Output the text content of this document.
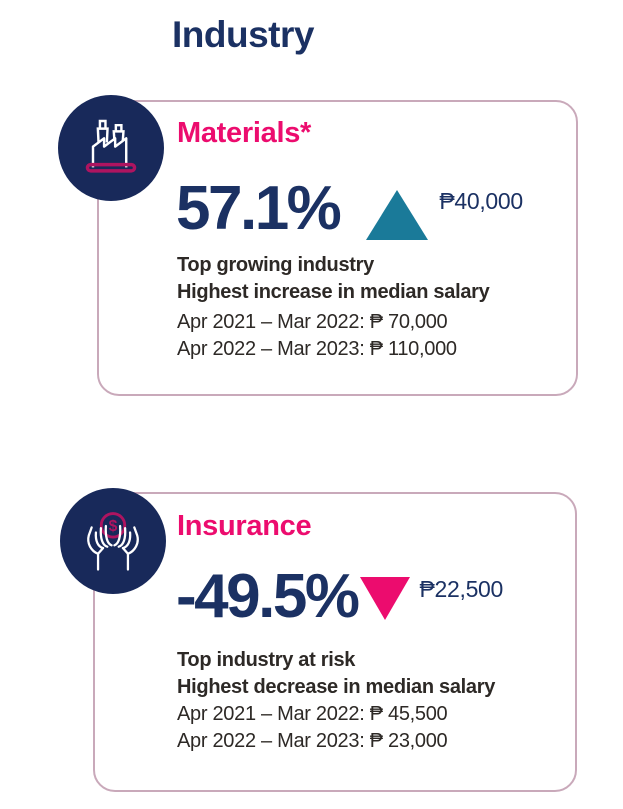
Industry
Materials*
57.1%	₱40,000
Top growing industry
Highest increase in median salary
Apr 2021 – Mar 2022: ₱ 70,000
Apr 2022 – Mar 2023: ₱ 110,000
$ Insurance
-49.5%	₱22,500
Top industry at risk
Highest decrease in median salary
Apr 2021 – Mar 2022: ₱ 45,500
Apr 2022 – Mar 2023: ₱ 23,000
